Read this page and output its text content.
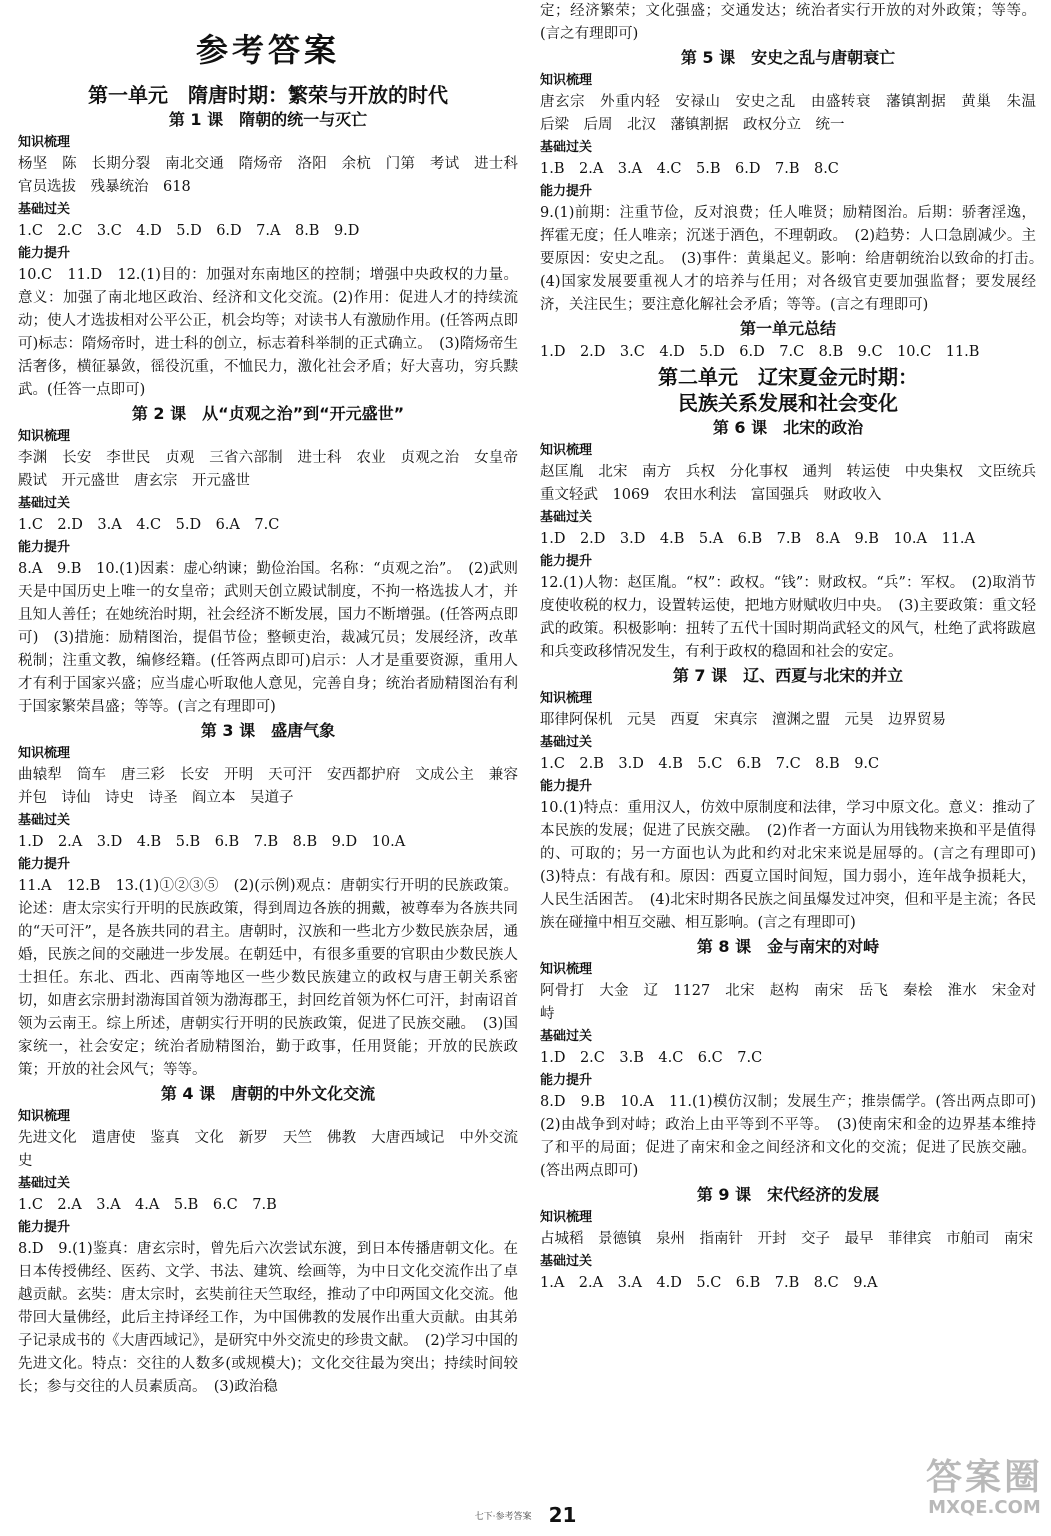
参考答案
第一单元　隋唐时期：繁荣与开放的时代
第 1 课　隋朝的统一与灭亡
知识梳理
杨坚　陈　长期分裂　南北交通　隋炀帝　洛阳　余杭　门第　考试　进士科　官员选拔　残暴统治　618
基础过关
1.C　2.C　3.C　4.D　5.D　6.D　7.A　8.B　9.D
能力提升
10.C　11.D　12.(1)目的：加强对东南地区的控制；增强中央政权的力量。意义：加强了南北地区政治、经济和文化交流。(2)作用：促进人才的持续流动；使人才选拔相对公平公正，机会均等；对读书人有激励作用。(任答两点即可)标志：隋炀帝时，进士科的创立，标志着科举制的正式确立。　(3)隋炀帝生活奢侈，横征暴敛，徭役沉重，不恤民力，激化社会矛盾；好大喜功，穷兵黩武。(任答一点即可)
第 2 课　从“贞观之治”到“开元盛世”
知识梳理
李渊　长安　李世民　贞观　三省六部制　进士科　农业　贞观之治　女皇帝　殿试　开元盛世　唐玄宗　开元盛世
基础过关
1.C　2.D　3.A　4.C　5.D　6.A　7.C
能力提升
8.A　9.B　10.(1)因素：虚心纳谏；勤俭治国。名称：“贞观之治”。　(2)武则天是中国历史上唯一的女皇帝；武则天创立殿试制度，不拘一格选拔人才，并且知人善任；在她统治时期，社会经济不断发展，国力不断增强。(任答两点即可)　(3)措施：励精图治，提倡节俭；整顿吏治，裁减冗员；发展经济，改革税制；注重文教，编修经籍。(任答两点即可)启示：人才是重要资源，重用人才有利于国家兴盛；应当虚心听取他人意见，完善自身；统治者励精图治有利于国家繁荣昌盛；等等。(言之有理即可)
第 3 课　盛唐气象
知识梳理
曲辕犁　筒车　唐三彩　长安　开明　天可汗　安西都护府　文成公主　兼容并包　诗仙　诗史　诗圣　阎立本　吴道子
基础过关
1.D　2.A　3.D　4.B　5.B　6.B　7.B　8.B　9.D　10.A
能力提升
11.A　12.B　13.(1)①②③⑤　(2)(示例)观点：唐朝实行开明的民族政策。论述：唐太宗实行开明的民族政策，得到周边各族的拥戴，被尊奉为各族共同的“天可汗”，是各族共同的君主。唐朝时，汉族和一些北方少数民族杂居，通婚，民族之间的交融进一步发展。在朝廷中，有很多重要的官职由少数民族人士担任。东北、西北、西南等地区一些少数民族建立的政权与唐王朝关系密切，如唐玄宗册封渤海国首领为渤海郡王，封回纥首领为怀仁可汗，封南诏首领为云南王。综上所述，唐朝实行开明的民族政策，促进了民族交融。　(3)国家统一，社会安定；统治者励精图治，勤于政事，任用贤能；开放的民族政策；开放的社会风气；等等。
第 4 课　唐朝的中外文化交流
知识梳理
先进文化　遣唐使　鉴真　文化　新罗　天竺　佛教　大唐西域记　中外交流史
基础过关
1.C　2.A　3.A　4.A　5.B　6.C　7.B
能力提升
8.D　9.(1)鉴真：唐玄宗时，曾先后六次尝试东渡，到日本传播唐朝文化。在日本传授佛经、医药、文学、书法、建筑、绘画等，为中日文化交流作出了卓越贡献。玄奘：唐太宗时，玄奘前往天竺取经，推动了中印两国文化交流。他带回大量佛经，此后主持译经工作，为中国佛教的发展作出重大贡献。由其弟子记录成书的《大唐西域记》，是研究中外交流史的珍贵文献。　(2)学习中国的先进文化。特点：交往的人数多(或规模大)；文化交往最为突出；持续时间较长；参与交往的人员素质高。　(3)政治稳
定；经济繁荣；文化强盛；交通发达；统治者实行开放的对外政策；等等。(言之有理即可)
第 5 课　安史之乱与唐朝衰亡
知识梳理
唐玄宗　外重内轻　安禄山　安史之乱　由盛转衰　藩镇割据　黄巢　朱温　后梁　后周　北汉　藩镇割据　政权分立　统一
基础过关
1.B　2.A　3.A　4.C　5.B　6.D　7.B　8.C
能力提升
9.(1)前期：注重节俭，反对浪费；任人唯贤；励精图治。后期：骄奢淫逸，挥霍无度；任人唯亲；沉迷于酒色，不理朝政。　(2)趋势：人口急剧减少。主要原因：安史之乱。　(3)事件：黄巢起义。影响：给唐朝统治以致命的打击。　(4)国家发展要重视人才的培养与任用；对各级官吏要加强监督；要发展经济，关注民生；要注意化解社会矛盾；等等。(言之有理即可)
第一单元总结
1.D　2.D　3.C　4.D　5.D　6.D　7.C　8.B　9.C　10.C　11.B
第二单元　辽宋夏金元时期：
民族关系发展和社会变化
第 6 课　北宋的政治
知识梳理
赵匡胤　北宋　南方　兵权　分化事权　通判　转运使　中央集权　文臣统兵　重文轻武　1069　农田水利法　富国强兵　财政收入
基础过关
1.D　2.D　3.D　4.B　5.A　6.B　7.B　8.A　9.B　10.A　11.A
能力提升
12.(1)人物：赵匡胤。“权”：政权。“钱”：财政权。“兵”：军权。　(2)取消节度使收税的权力，设置转运使，把地方财赋收归中央。　(3)主要政策：重文轻武的政策。积极影响：扭转了五代十国时期尚武轻文的风气，杜绝了武将跋扈和兵变政移情况发生，有利于政权的稳固和社会的安定。
第 7 课　辽、西夏与北宋的并立
知识梳理
耶律阿保机　元昊　西夏　宋真宗　澶渊之盟　元昊　边界贸易
基础过关
1.C　2.B　3.D　4.B　5.C　6.B　7.C　8.B　9.C
能力提升
10.(1)特点：重用汉人，仿效中原制度和法律，学习中原文化。意义：推动了本民族的发展；促进了民族交融。　(2)作者一方面认为用钱物来换和平是值得的、可取的；另一方面也认为此和约对北宋来说是屈辱的。(言之有理即可)　(3)特点：有战有和。原因：西夏立国时间短，国力弱小，连年战争损耗大，人民生活困苦。　(4)北宋时期各民族之间虽爆发过冲突，但和平是主流；各民族在碰撞中相互交融、相互影响。(言之有理即可)
第 8 课　金与南宋的对峙
知识梳理
阿骨打　大金　辽　1127　北宋　赵构　南宋　岳飞　秦桧　淮水　宋金对峙
基础过关
1.D　2.C　3.B　4.C　6.C　7.C
能力提升
8.D　9.B　10.A　11.(1)模仿汉制；发展生产；推崇儒学。(答出两点即可)　(2)由战争到对峙；政治上由平等到不平等。　(3)使南宋和金的边界基本维持了和平的局面；促进了南宋和金之间经济和文化的交流；促进了民族交融。(答出两点即可)
第 9 课　宋代经济的发展
知识梳理
占城稻　景德镇　泉州　指南针　开封　交子　最早　菲律宾　市舶司　南宋
基础过关
1.A　2.A　3.A　4.D　5.C　6.B　7.B　8.C　9.A
七下·参考答案 21
答案圈
MXQE.COM
